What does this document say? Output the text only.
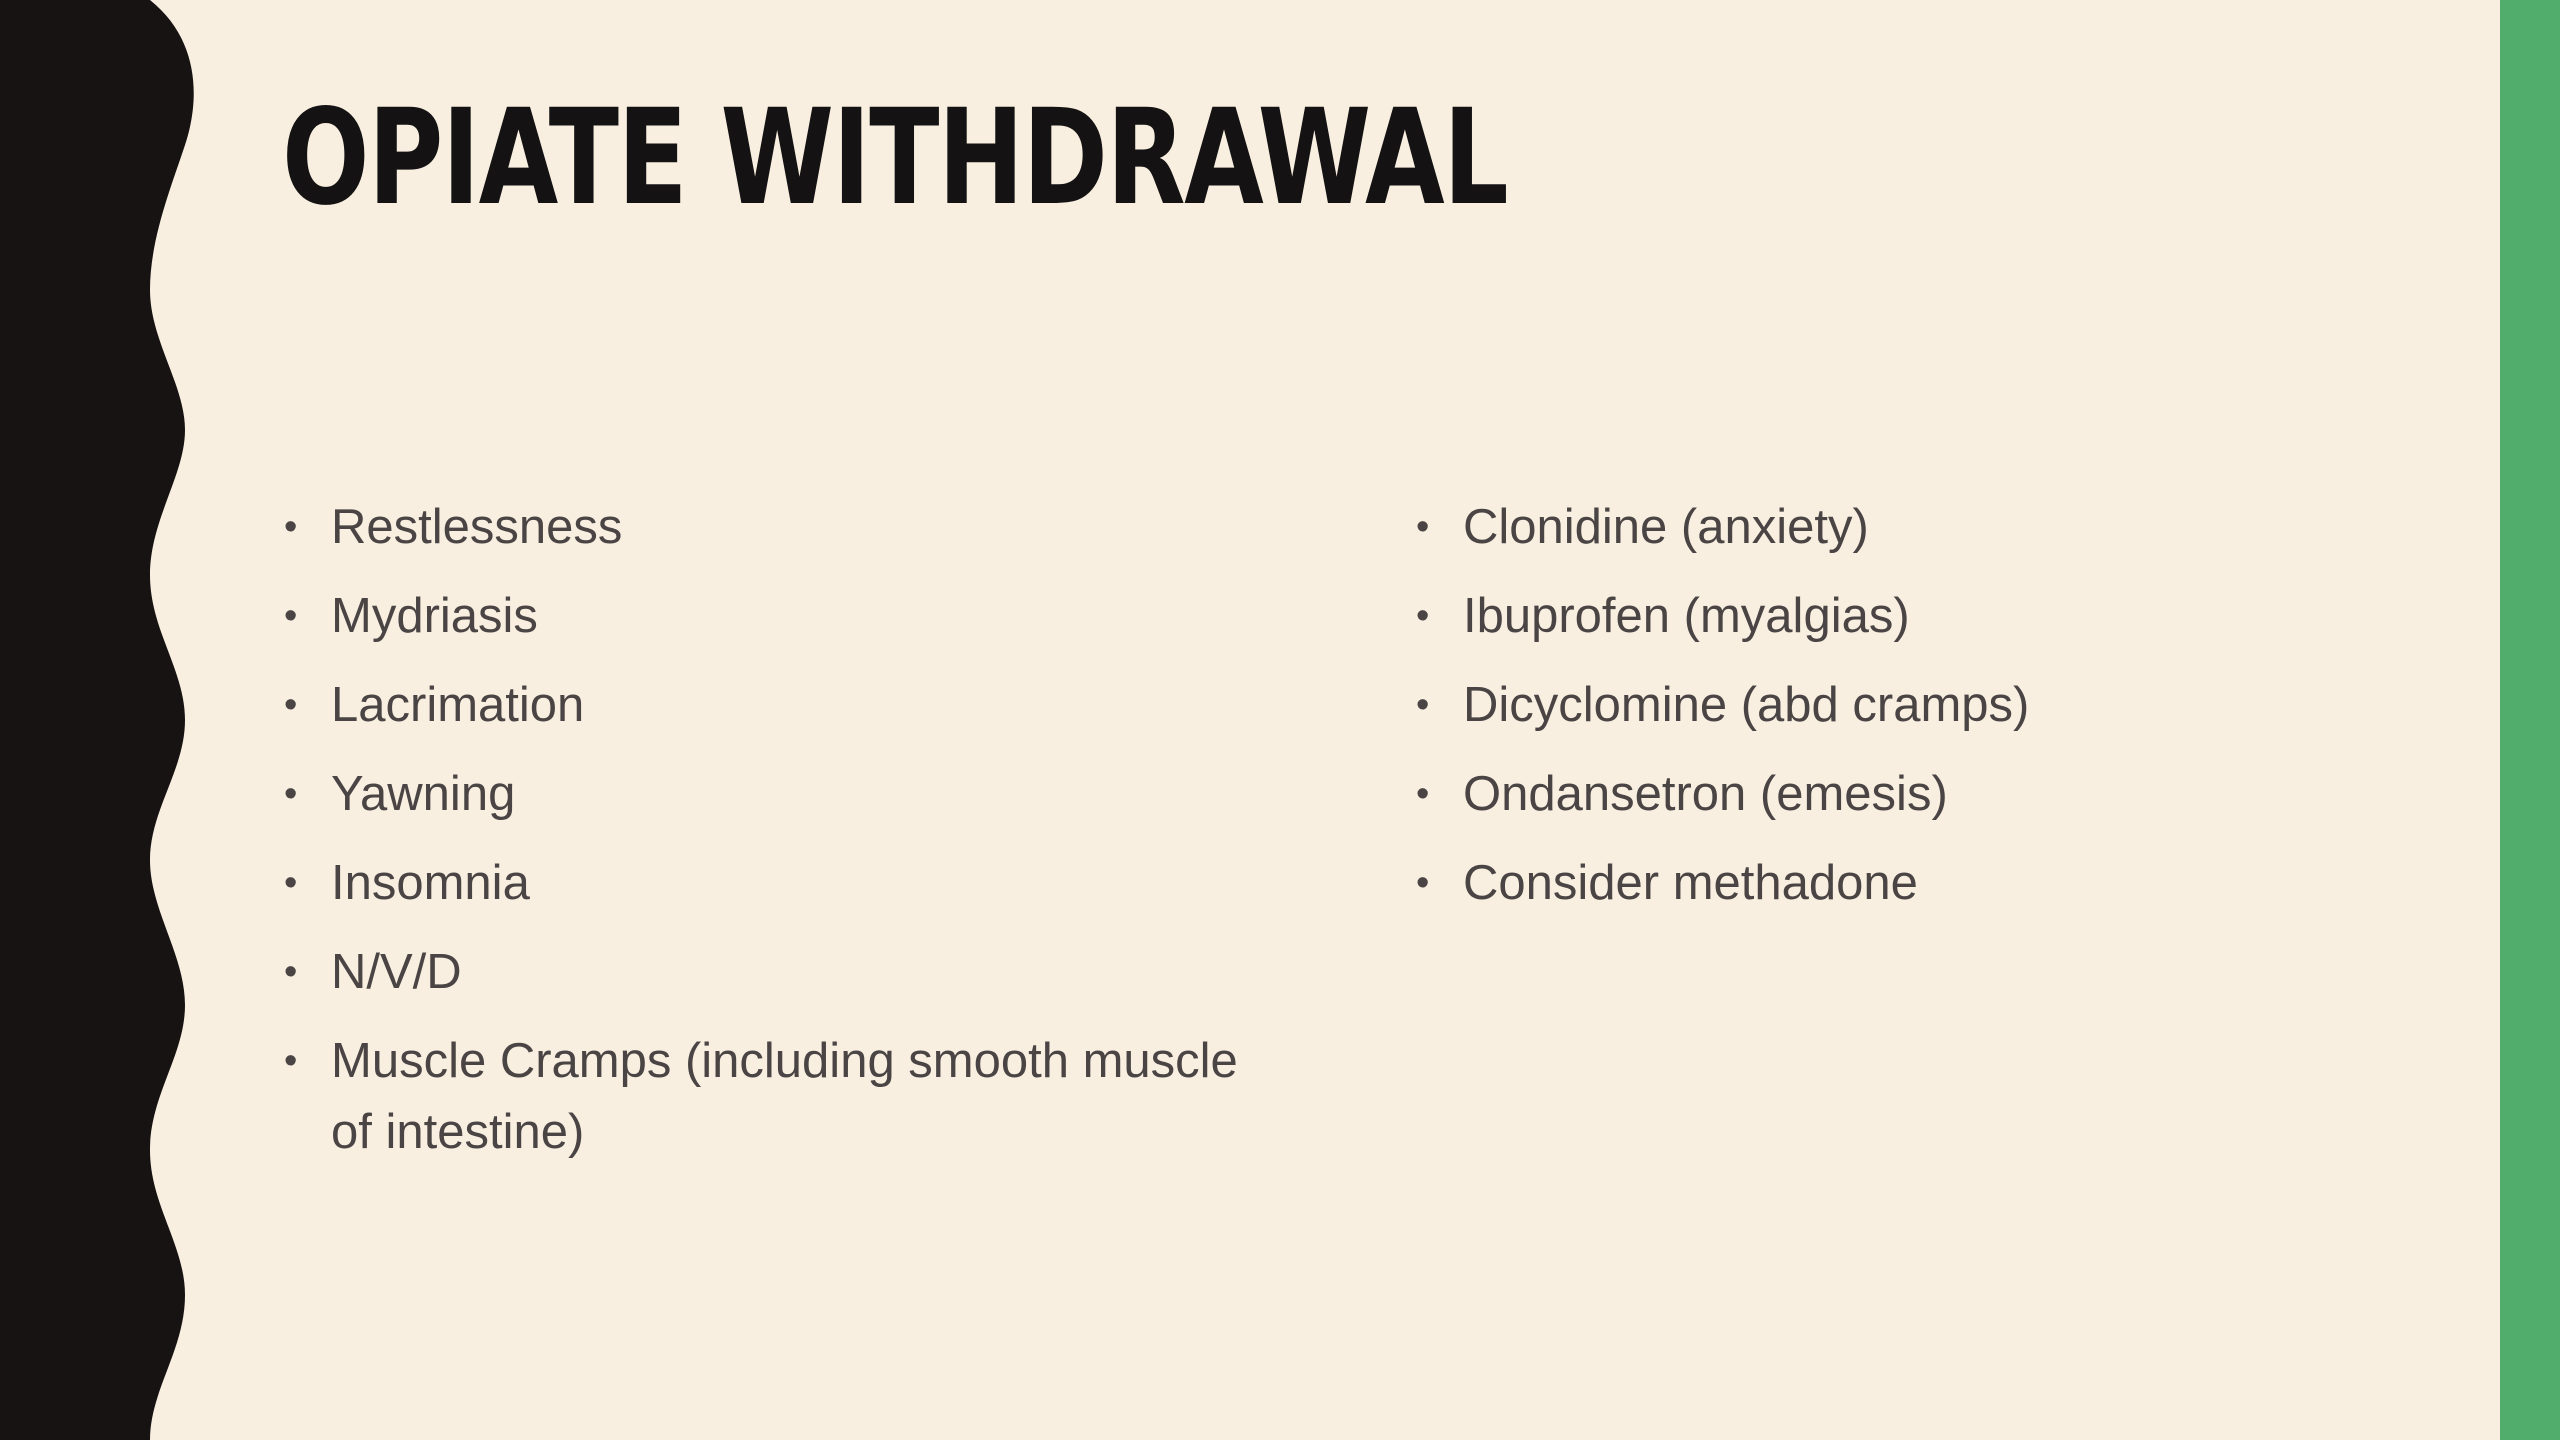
OPIATE WITHDRAWAL
• Restlessness
• Mydriasis
• Lacrimation
• Yawning
• Insomnia
• N/V/D
• Muscle Cramps (including smooth muscle of intestine)
• Clonidine (anxiety)
• Ibuprofen (myalgias)
• Dicyclomine (abd cramps)
• Ondansetron (emesis)
• Consider methadone
